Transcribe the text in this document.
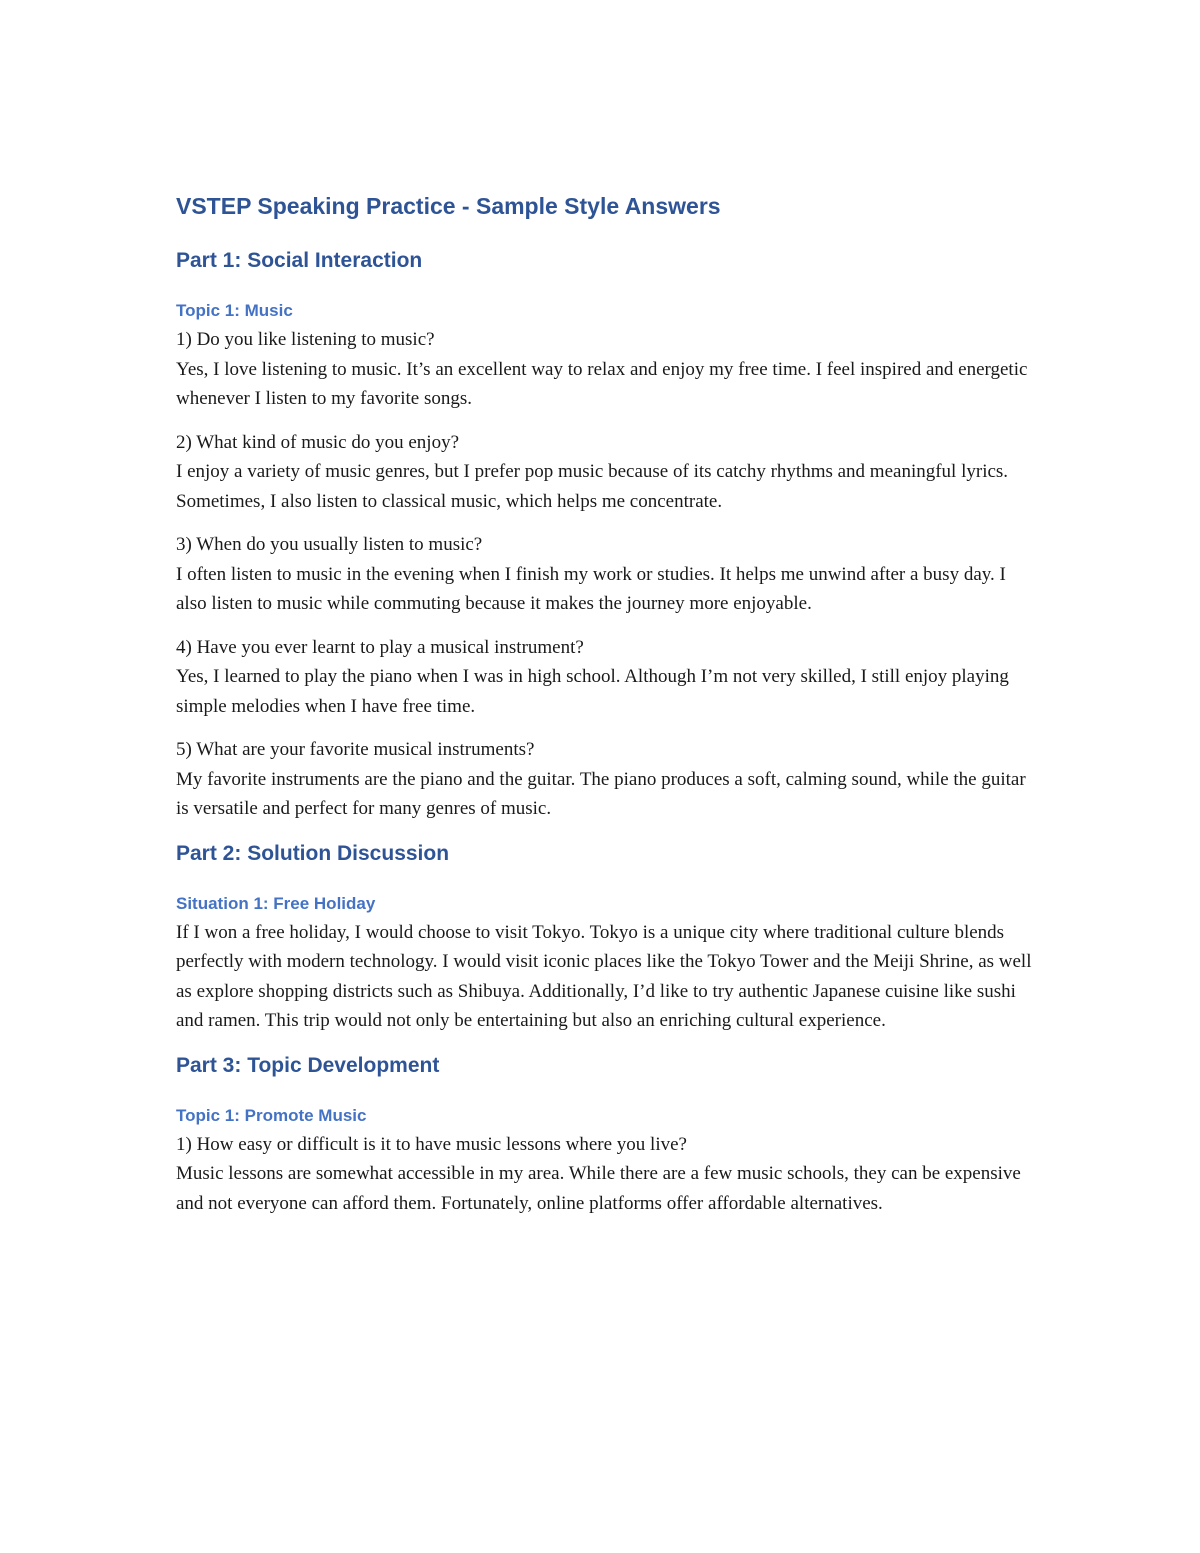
VSTEP Speaking Practice - Sample Style Answers
Part 1: Social Interaction
Topic 1: Music

1) Do you like listening to music?

Yes, I love listening to music. It’s an excellent way to relax and enjoy my free time. I feel inspired and energetic whenever I listen to my favorite songs.

2) What kind of music do you enjoy?

I enjoy a variety of music genres, but I prefer pop music because of its catchy rhythms and meaningful lyrics. Sometimes, I also listen to classical music, which helps me concentrate.

3) When do you usually listen to music?

I often listen to music in the evening when I finish my work or studies. It helps me unwind after a busy day. I also listen to music while commuting because it makes the journey more enjoyable.

4) Have you ever learnt to play a musical instrument?

Yes, I learned to play the piano when I was in high school. Although I’m not very skilled, I still enjoy playing simple melodies when I have free time.

5) What are your favorite musical instruments?

My favorite instruments are the piano and the guitar. The piano produces a soft, calming sound, while the guitar is versatile and perfect for many genres of music.

Part 2: Solution Discussion
Situation 1: Free Holiday

If I won a free holiday, I would choose to visit Tokyo. Tokyo is a unique city where traditional culture blends perfectly with modern technology. I would visit iconic places like the Tokyo Tower and the Meiji Shrine, as well as explore shopping districts such as Shibuya. Additionally, I’d like to try authentic Japanese cuisine like sushi and ramen. This trip would not only be entertaining but also an enriching cultural experience.

Part 3: Topic Development
Topic 1: Promote Music

1) How easy or difficult is it to have music lessons where you live?

Music lessons are somewhat accessible in my area. While there are a few music schools, they can be expensive and not everyone can afford them. Fortunately, online platforms offer affordable alternatives.
